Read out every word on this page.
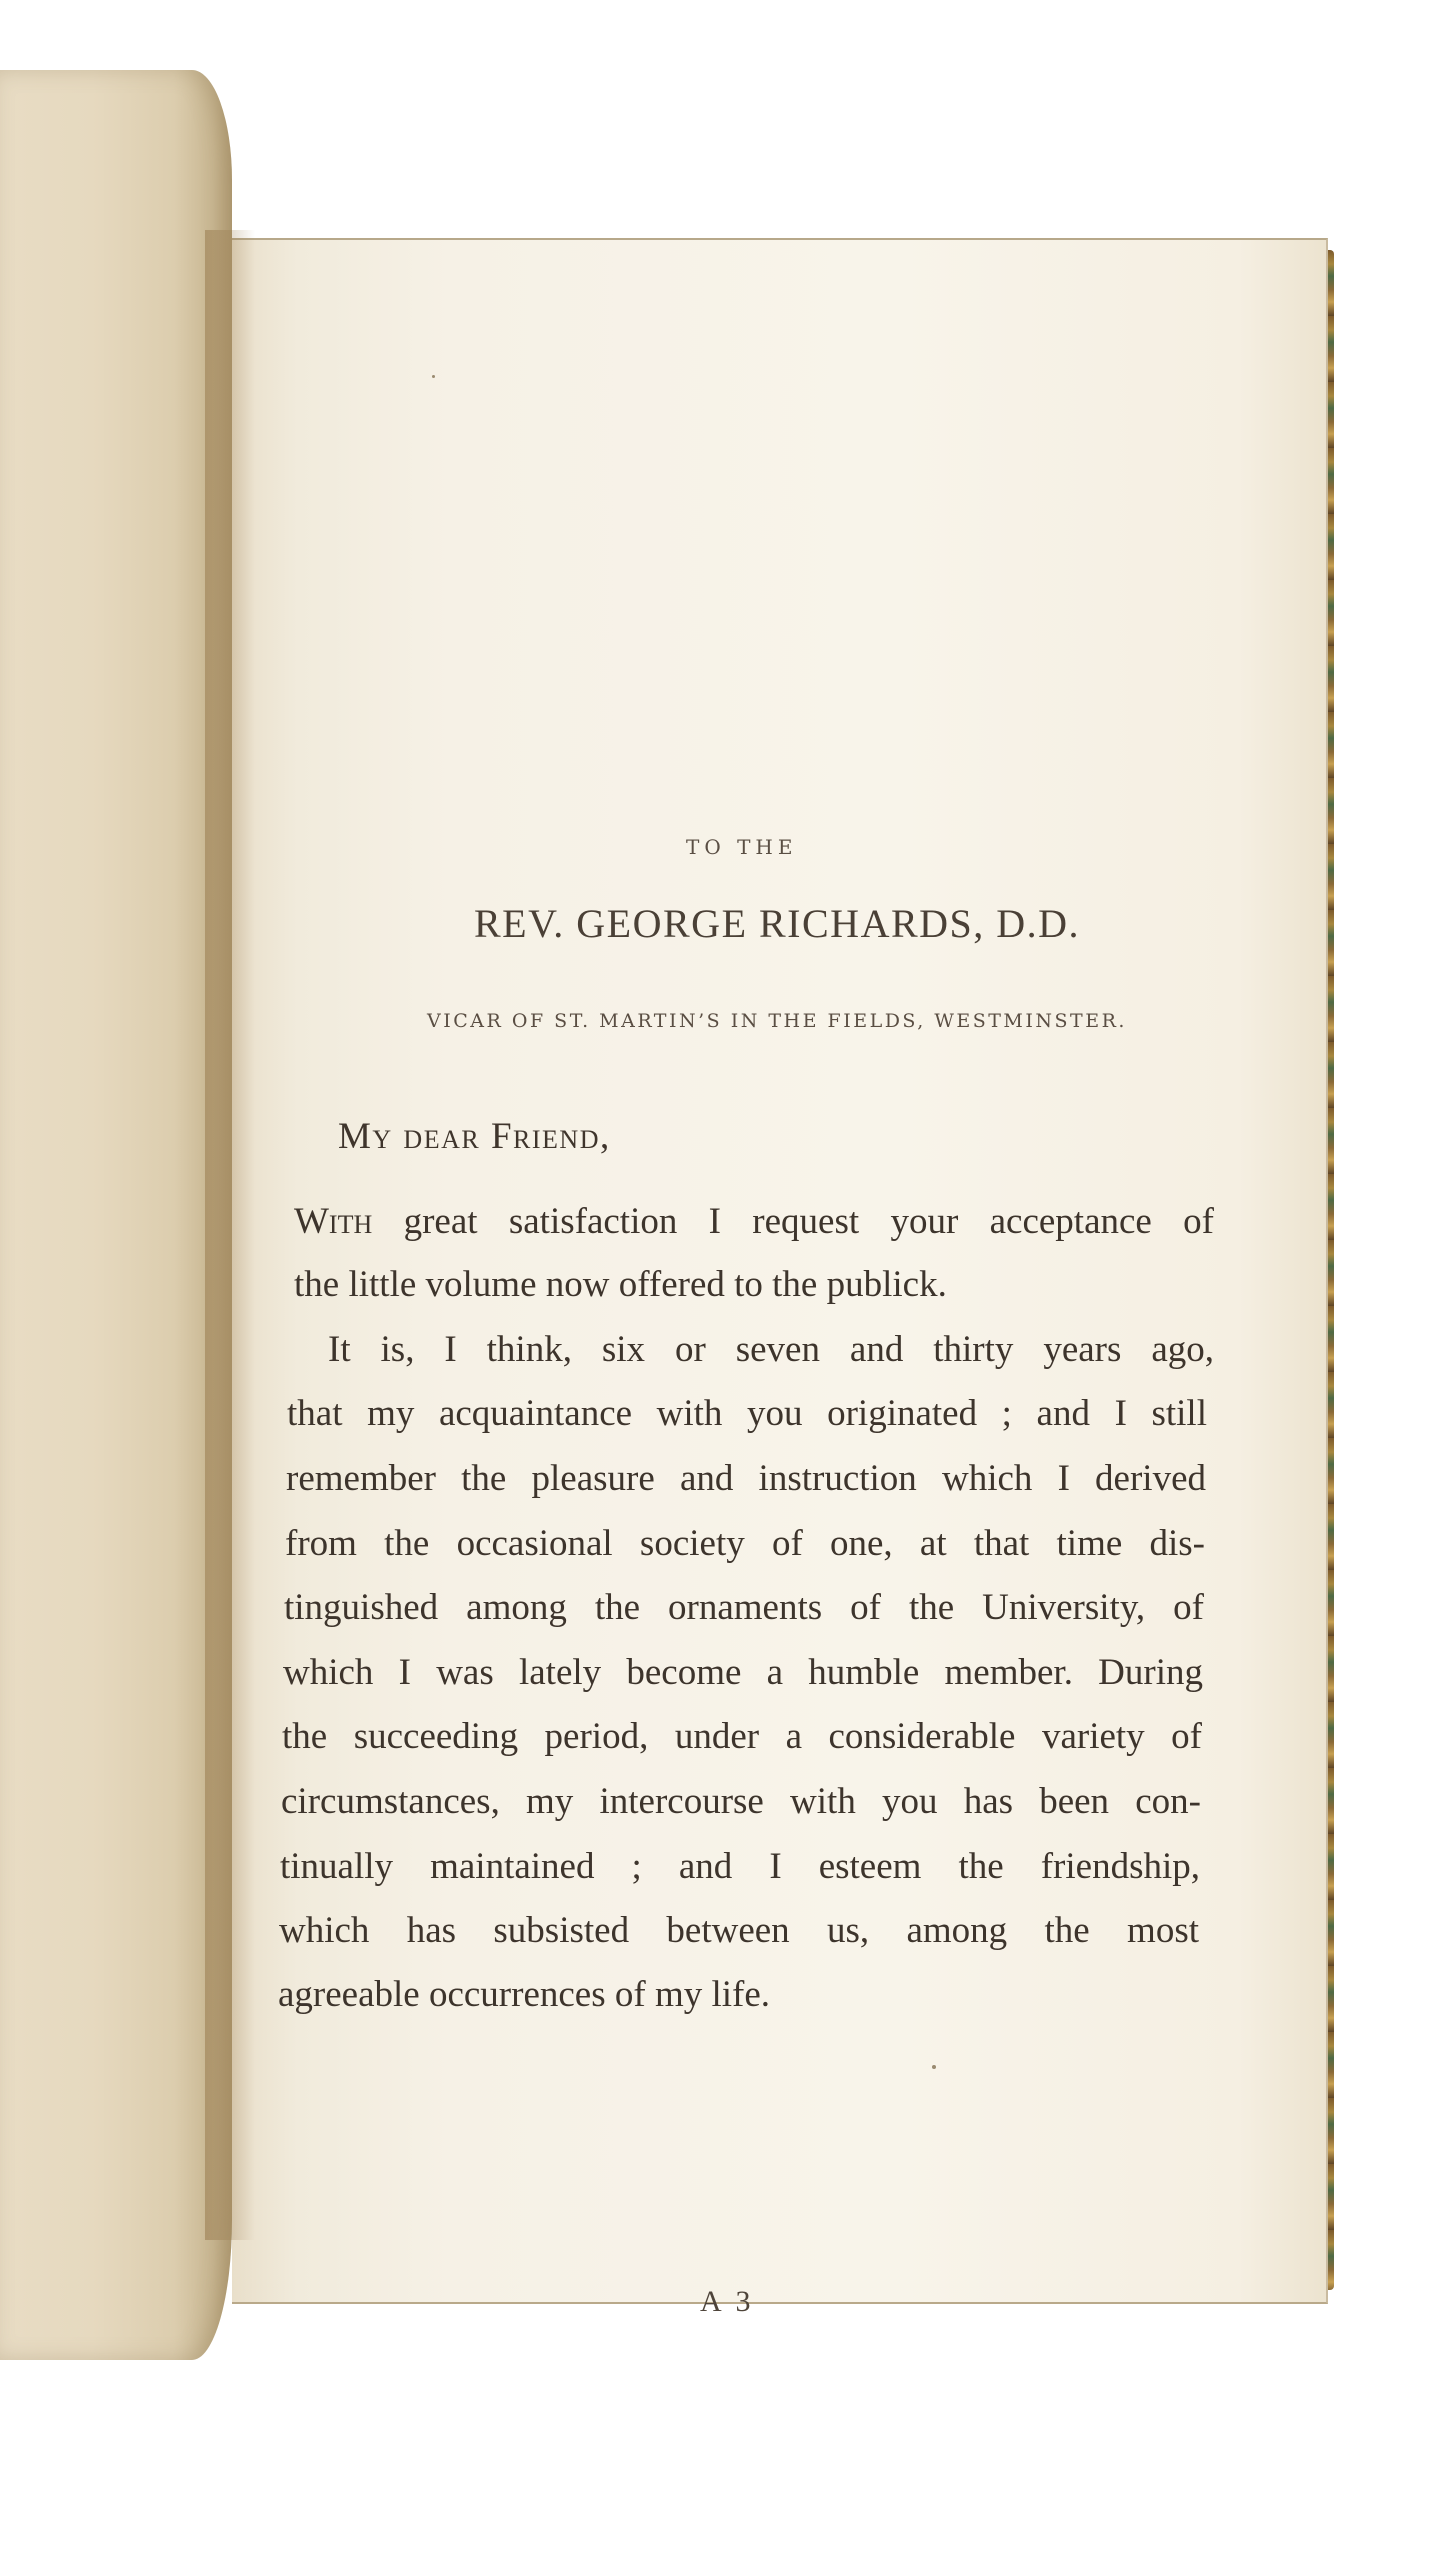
TO THE
REV. GEORGE RICHARDS, D.D.
VICAR OF ST. MARTIN’S IN THE FIELDS, WESTMINSTER.
My dear Friend,
With great satisfaction I request your acceptance of
the little volume now offered to the publick.
It is, I think, six or seven and thirty years ago,
that my acquaintance with you originated ; and I still
remember the pleasure and instruction which I derived
from the occasional society of one, at that time dis-
tinguished among the ornaments of the University, of
which I was lately become a humble member. During
the succeeding period, under a considerable variety of
circumstances, my intercourse with you has been con-
tinually maintained ; and I esteem the friendship,
which has subsisted between us, among the most
agreeable occurrences of my life.
A 3
